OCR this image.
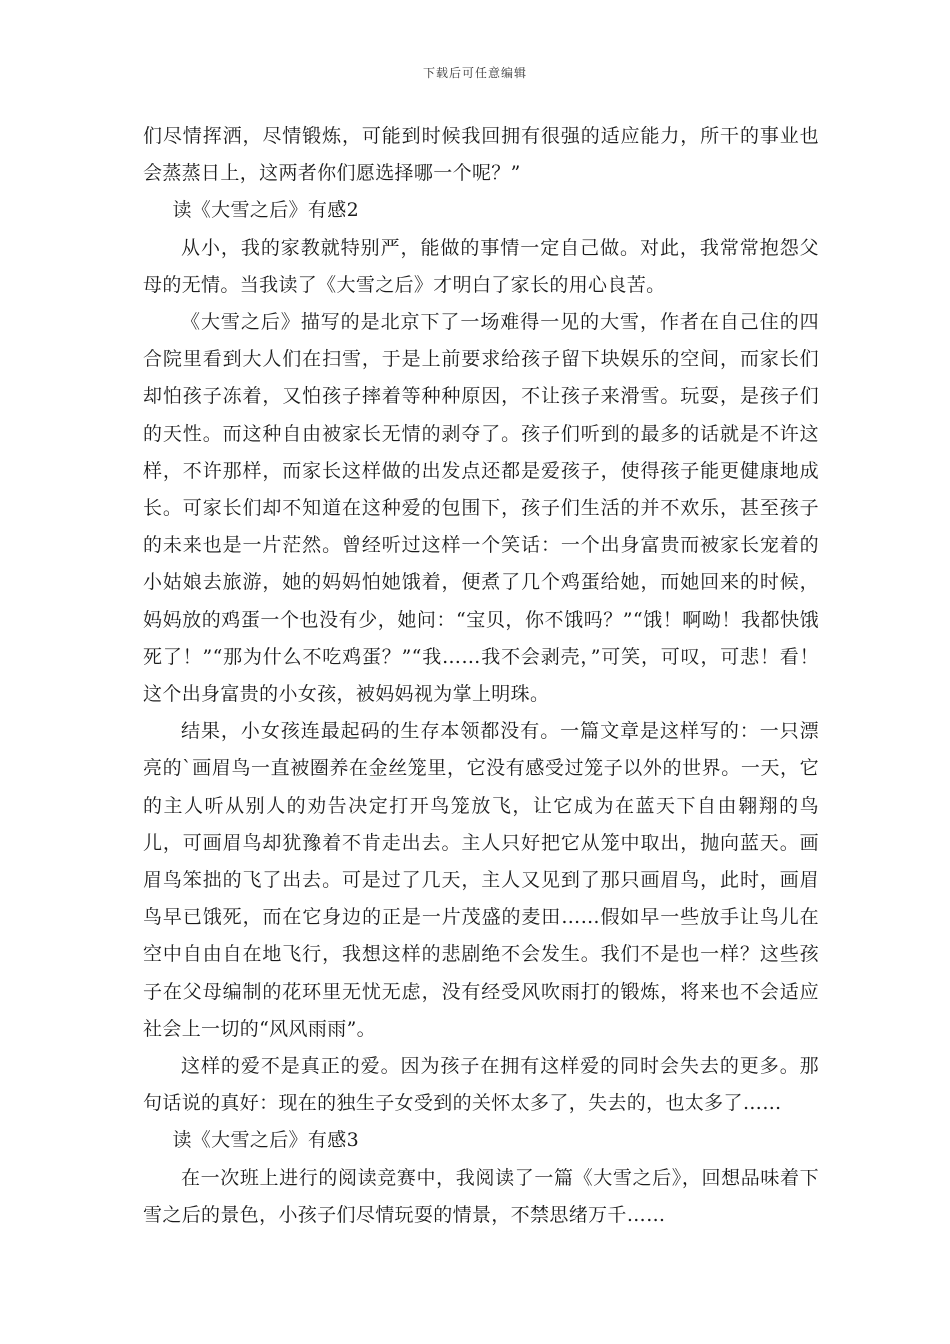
下载后可任意编辑

们尽情挥洒，尽情锻炼，可能到时候我回拥有很强的适应能力，所干的事业也会蒸蒸日上，这两者你们愿选择哪一个呢？”

读《大雪之后》有感2

从小，我的家教就特别严，能做的事情一定自己做。对此，我常常抱怨父母的无情。当我读了《大雪之后》才明白了家长的用心良苦。

《大雪之后》描写的是北京下了一场难得一见的大雪，作者在自己住的四合院里看到大人们在扫雪，于是上前要求给孩子留下块娱乐的空间，而家长们却怕孩子冻着，又怕孩子摔着等种种原因，不让孩子来滑雪。玩耍，是孩子们的天性。而这种自由被家长无情的剥夺了。孩子们听到的最多的话就是不许这样，不许那样，而家长这样做的出发点还都是爱孩子，使得孩子能更健康地成长。可家长们却不知道在这种爱的包围下，孩子们生活的并不欢乐，甚至孩子的未来也是一片茫然。曾经听过这样一个笑话：一个出身富贵而被家长宠着的小姑娘去旅游，她的妈妈怕她饿着，便煮了几个鸡蛋给她，而她回来的时候，妈妈放的鸡蛋一个也没有少，她问：“宝贝，你不饿吗？”“饿！啊呦！我都快饿死了！”“那为什么不吃鸡蛋？”“我……我不会剥壳，”可笑，可叹，可悲！看！这个出身富贵的小女孩，被妈妈视为掌上明珠。

结果，小女孩连最起码的生存本领都没有。一篇文章是这样写的：一只漂亮的`画眉鸟一直被圈养在金丝笼里，它没有感受过笼子以外的世界。一天，它的主人听从别人的劝告决定打开鸟笼放飞，让它成为在蓝天下自由翱翔的鸟儿，可画眉鸟却犹豫着不肯走出去。主人只好把它从笼中取出，抛向蓝天。画眉鸟笨拙的飞了出去。可是过了几天，主人又见到了那只画眉鸟，此时，画眉鸟早已饿死，而在它身边的正是一片茂盛的麦田……假如早一些放手让鸟儿在空中自由自在地飞行，我想这样的悲剧绝不会发生。我们不是也一样？这些孩子在父母编制的花环里无忧无虑，没有经受风吹雨打的锻炼，将来也不会适应社会上一切的“风风雨雨”。

这样的爱不是真正的爱。因为孩子在拥有这样爱的同时会失去的更多。那句话说的真好：现在的独生子女受到的关怀太多了，失去的，也太多了……

读《大雪之后》有感3

在一次班上进行的阅读竞赛中，我阅读了一篇《大雪之后》，回想品味着下雪之后的景色，小孩子们尽情玩耍的情景，不禁思绪万千……
